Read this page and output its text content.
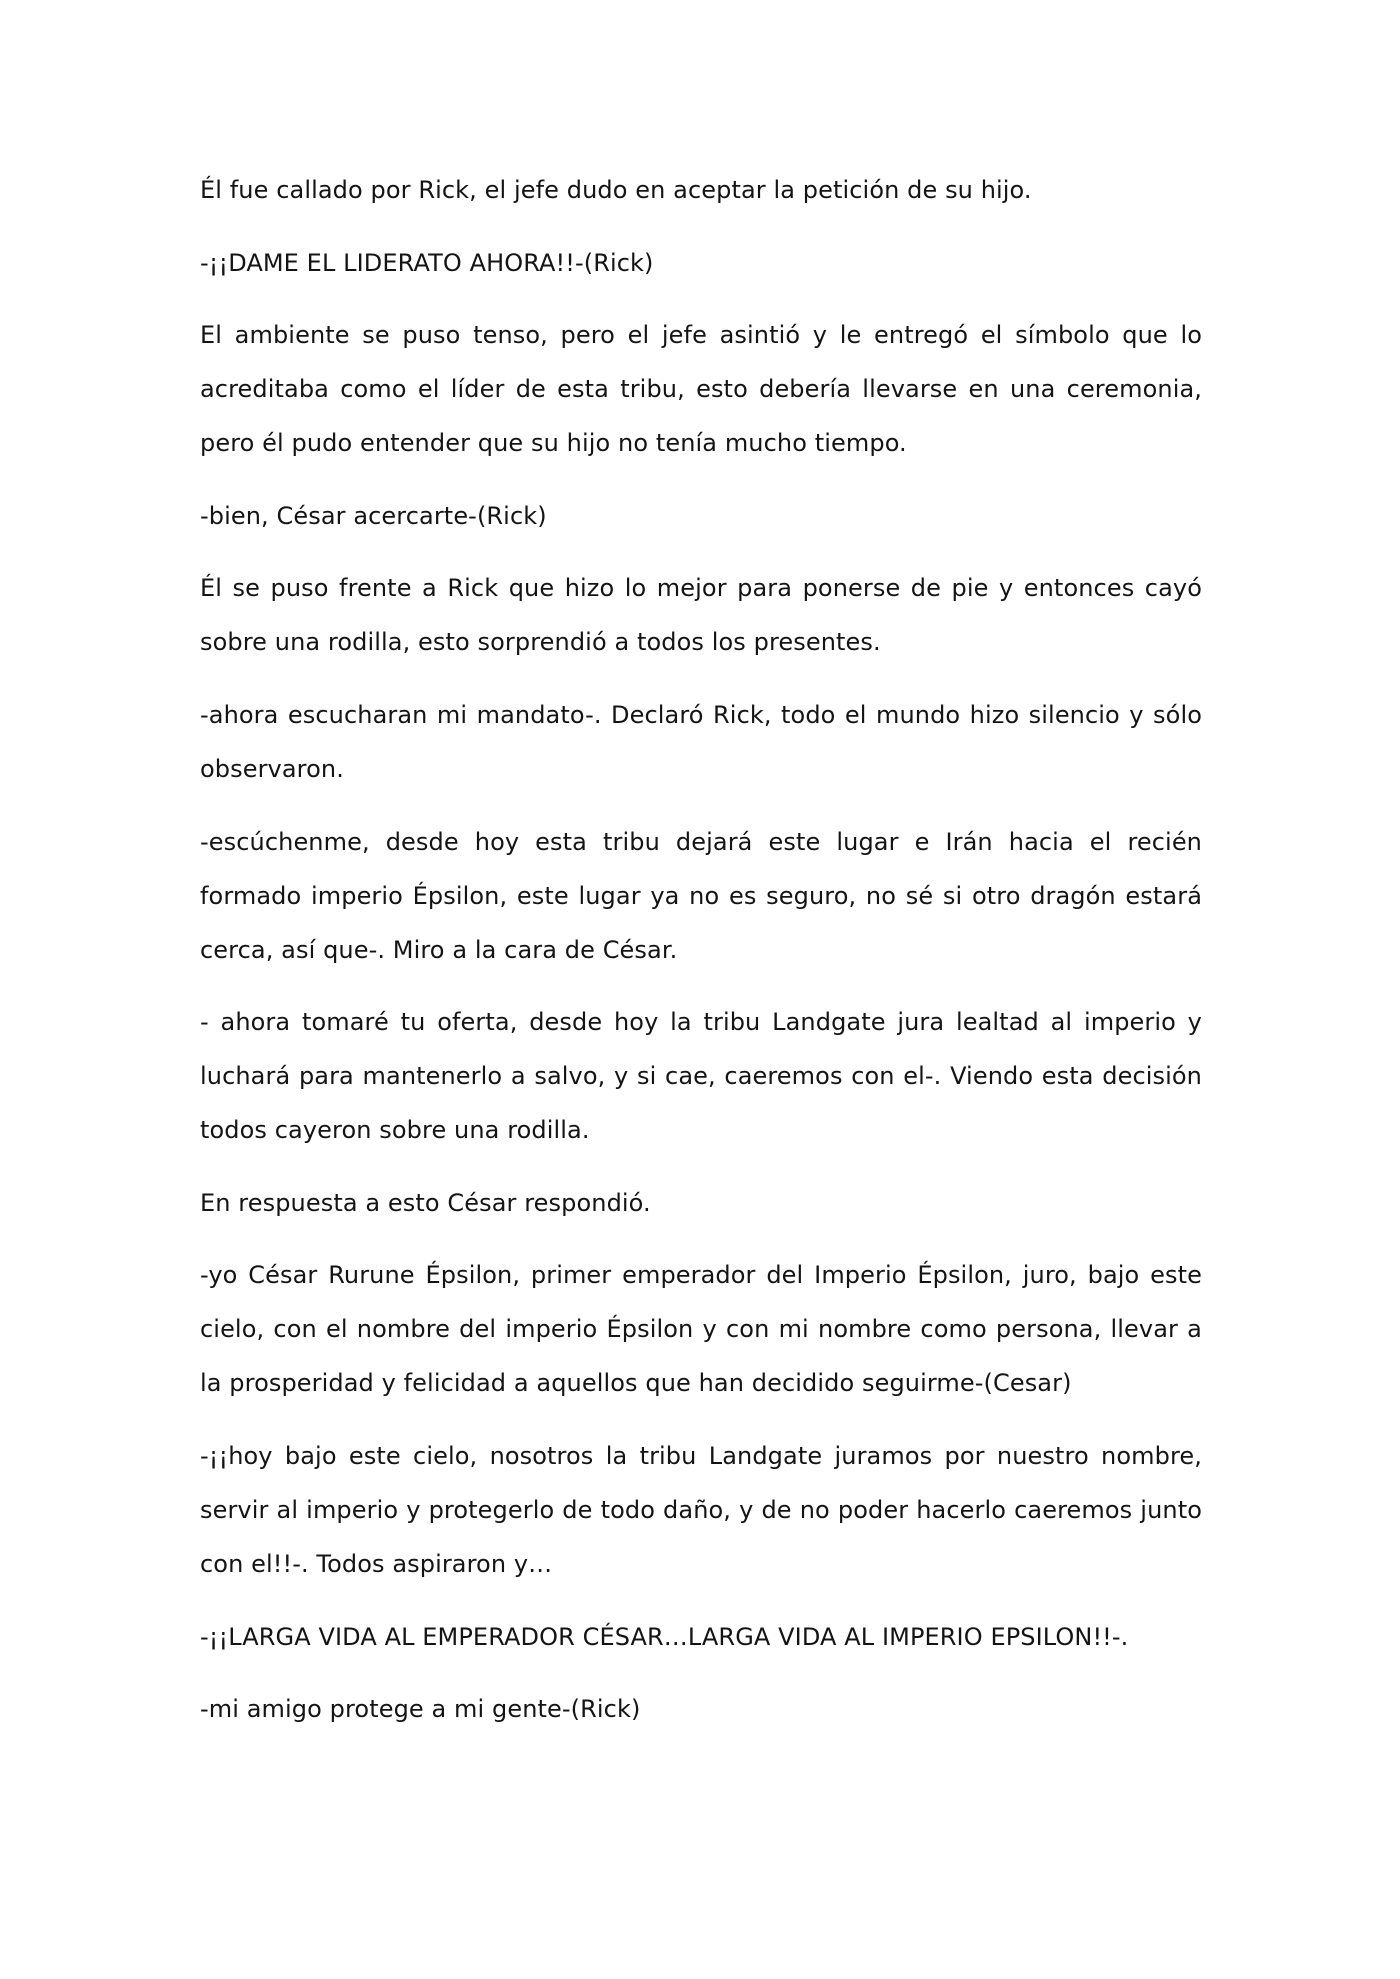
Él fue callado por Rick, el jefe dudo en aceptar la petición de su hijo.

-¡¡DAME EL LIDERATO AHORA!!-(Rick)

El ambiente se puso tenso, pero el jefe asintió y le entregó el símbolo que lo acreditaba como el líder de esta tribu, esto debería llevarse en una ceremonia, pero él pudo entender que su hijo no tenía mucho tiempo.

-bien, César acercarte-(Rick)

Él se puso frente a Rick que hizo lo mejor para ponerse de pie y entonces cayó sobre una rodilla, esto sorprendió a todos los presentes.

-ahora escucharan mi mandato-. Declaró Rick, todo el mundo hizo silencio y sólo observaron.

-escúchenme, desde hoy esta tribu dejará este lugar e Irán hacia el recién formado imperio Épsilon, este lugar ya no es seguro, no sé si otro dragón estará cerca, así que-. Miro a la cara de César.

- ahora tomaré tu oferta, desde hoy la tribu Landgate jura lealtad al imperio y luchará para mantenerlo a salvo, y si cae, caeremos con el-. Viendo esta decisión todos cayeron sobre una rodilla.

En respuesta a esto César respondió.

-yo César Rurune Épsilon, primer emperador del Imperio Épsilon, juro, bajo este cielo, con el nombre del imperio Épsilon y con mi nombre como persona, llevar a la prosperidad y felicidad a aquellos que han decidido seguirme-(Cesar)

-¡¡hoy bajo este cielo, nosotros la tribu Landgate juramos por nuestro nombre, servir al imperio y protegerlo de todo daño, y de no poder hacerlo caeremos junto con el!!-. Todos aspiraron y…

-¡¡LARGA VIDA AL EMPERADOR CÉSAR…LARGA VIDA AL IMPERIO EPSILON!!-.

-mi amigo protege a mi gente-(Rick)
